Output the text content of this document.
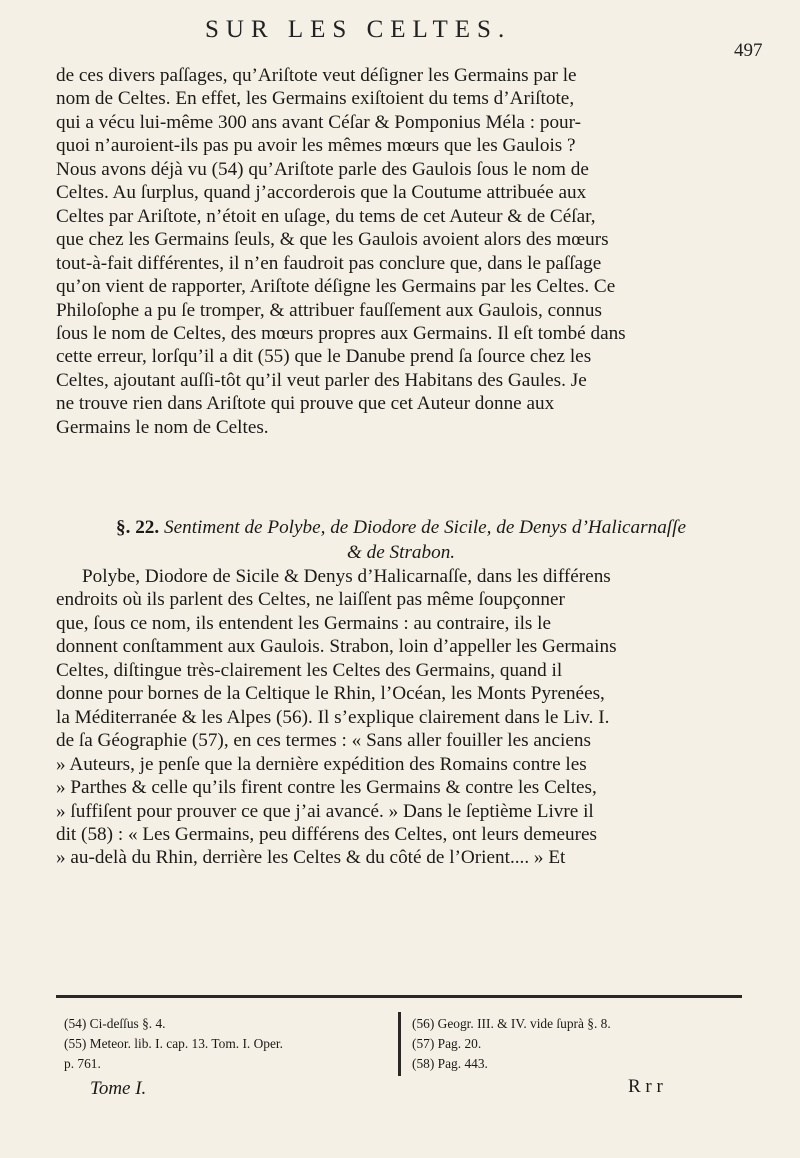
SUR LES CELTES.
497
de ces divers paſſages, qu’Ariſtote veut déſigner les Germains par le
nom de Celtes. En effet, les Germains exiſtoient du tems d’Ariſtote,
qui a vécu lui-même 300 ans avant Céſar & Pomponius Méla : pour-
quoi n’auroient-ils pas pu avoir les mêmes mœurs que les Gaulois ?
Nous avons déjà vu (54) qu’Ariſtote parle des Gaulois ſous le nom de
Celtes. Au ſurplus, quand j’accorderois que la Coutume attribuée aux
Celtes par Ariſtote, n’étoit en uſage, du tems de cet Auteur & de Céſar,
que chez les Germains ſeuls, & que les Gaulois avoient alors des mœurs
tout-à-fait différentes, il n’en faudroit pas conclure que, dans le paſſage
qu’on vient de rapporter, Ariſtote déſigne les Germains par les Celtes. Ce
Philoſophe a pu ſe tromper, & attribuer fauſſement aux Gaulois, connus
ſous le nom de Celtes, des mœurs propres aux Germains. Il eſt tombé dans
cette erreur, lorſqu’il a dit (55) que le Danube prend ſa ſource chez les
Celtes, ajoutant auſſi-tôt qu’il veut parler des Habitans des Gaules. Je
ne trouve rien dans Ariſtote qui prouve que cet Auteur donne aux
Germains le nom de Celtes.
§. 22. Sentiment de Polybe, de Diodore de Sicile, de Denys d’Halicarnaſſe
& de Strabon.
Polybe, Diodore de Sicile & Denys d’Halicarnaſſe, dans les différens
endroits où ils parlent des Celtes, ne laiſſent pas même ſoupçonner
que, ſous ce nom, ils entendent les Germains : au contraire, ils le
donnent conſtamment aux Gaulois. Strabon, loin d’appeller les Germains
Celtes, diſtingue très-clairement les Celtes des Germains, quand il
donne pour bornes de la Celtique le Rhin, l’Océan, les Monts Pyrenées,
la Méditerranée & les Alpes (56). Il s’explique clairement dans le Liv. I.
de ſa Géographie (57), en ces termes : « Sans aller fouiller les anciens
» Auteurs, je penſe que la dernière expédition des Romains contre les
» Parthes & celle qu’ils firent contre les Germains & contre les Celtes,
» ſuffiſent pour prouver ce que j’ai avancé. » Dans le ſeptième Livre il
dit (58) : « Les Germains, peu différens des Celtes, ont leurs demeures
» au-delà du Rhin, derrière les Celtes & du côté de l’Orient.... » Et
(54) Ci-deſſus §. 4.
(55) Meteor. lib. I. cap. 13. Tom. I. Oper.
p. 761.
(56) Geogr. III. & IV. vide ſuprà §. 8.
(57) Pag. 20.
(58) Pag. 443.
Tome I.	R r r
